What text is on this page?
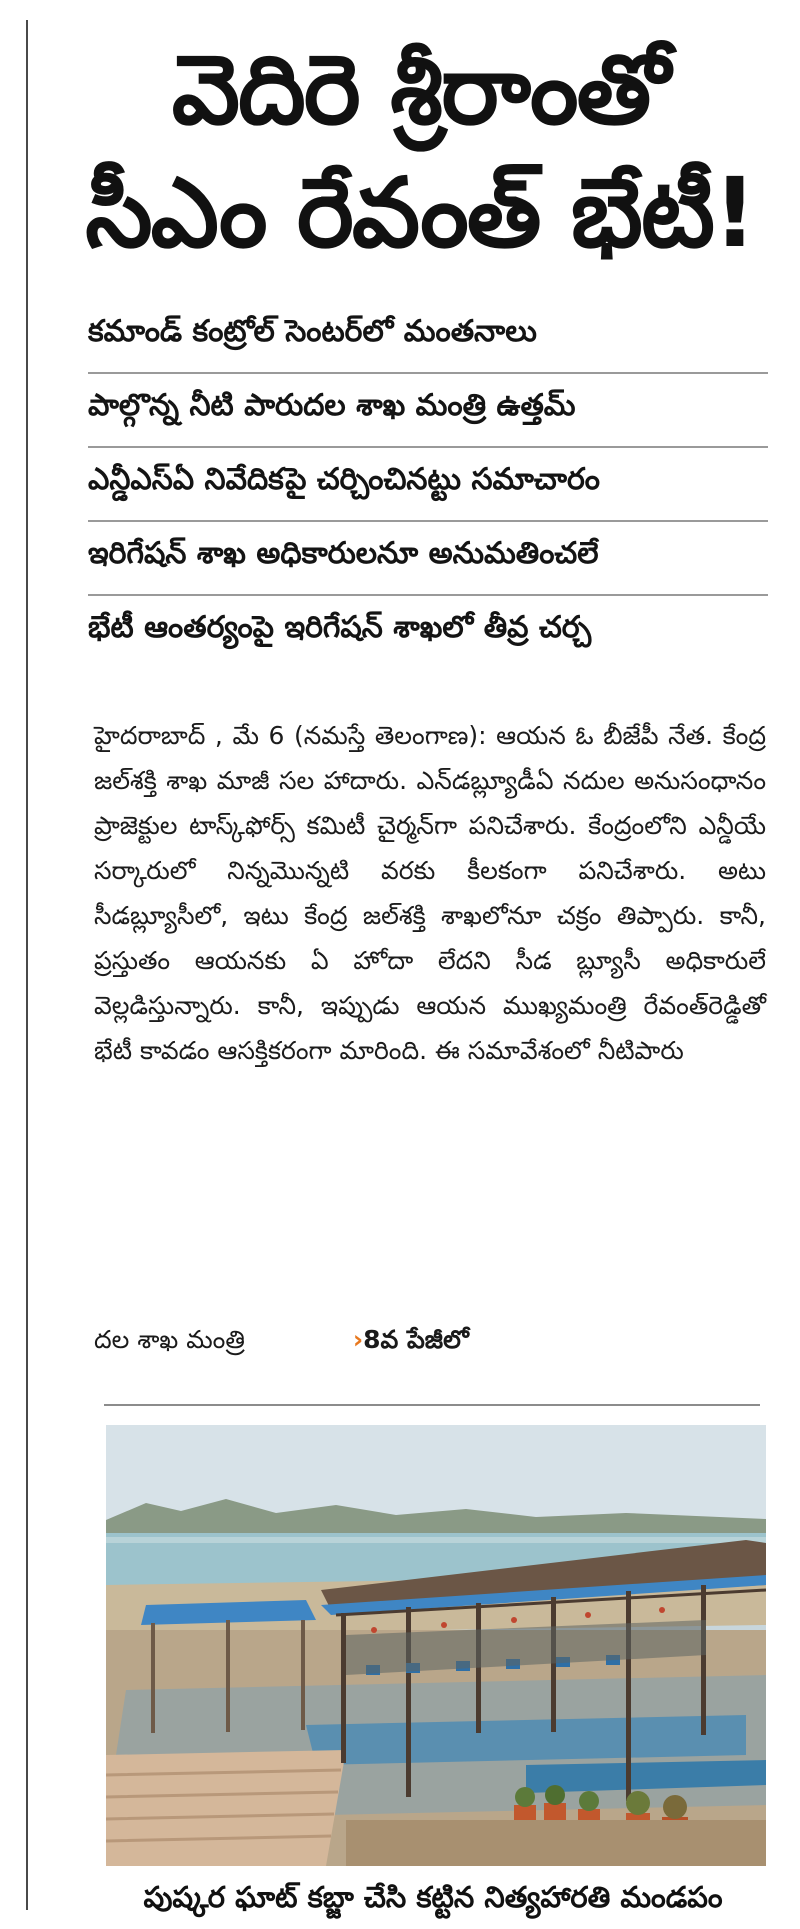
వెదిరె శ్రీరాంతో
సీఎం రేవంత్‌ భేటీ!
కమాండ్‌ కంట్రోల్‌ సెంటర్‌లో మంతనాలు
పాల్గొన్న నీటి పారుదల శాఖ మంత్రి ఉత్తమ్‌
ఎన్డీఎస్‌ఏ నివేదికపై చర్చించినట్టు సమాచారం
ఇరిగేషన్‌ శాఖ అధికారులనూ అనుమతించలే
భేటీ ఆంతర్యంపై ఇరిగేషన్‌ శాఖలో తీవ్ర చర్చ

హైదరాబాద్‌ , మే 6 (నమస్తే తెలంగాణ): ఆయన ఓ బీజేపీ నేత. కేంద్ర జల్‌శక్తి శాఖ మాజీ సల హాదారు. ఎన్‌డబ్ల్యూడీఏ నదుల అనుసంధానం ప్రాజెక్టుల టాస్క్‌ఫోర్స్‌ కమిటీ చైర్మన్‌గా పనిచేశారు. కేంద్రంలోని ఎన్డీయే సర్కారులో నిన్నమొన్నటి వరకు కీలకంగా పనిచేశారు. అటు సీడబ్ల్యూసీలో, ఇటు కేంద్ర జల్‌శక్తి శాఖలోనూ చక్రం తిప్పారు. కానీ, ప్రస్తుతం ఆయనకు ఏ హోదా లేదని సీడ బ్ల్యూసీ అధికారులే వెల్లడిస్తున్నారు. కానీ, ఇప్పుడు ఆయన ముఖ్యమంత్రి రేవంత్‌రెడ్డితో భేటీ కావడం ఆసక్తికరంగా మారింది. ఈ సమావేశంలో నీటిపారు

దల శాఖ మంత్రి	›8వ పేజీలో
పుష్కర ఘాట్‌ కబ్జా చేసి కట్టిన నిత్యహారతి మండపం
